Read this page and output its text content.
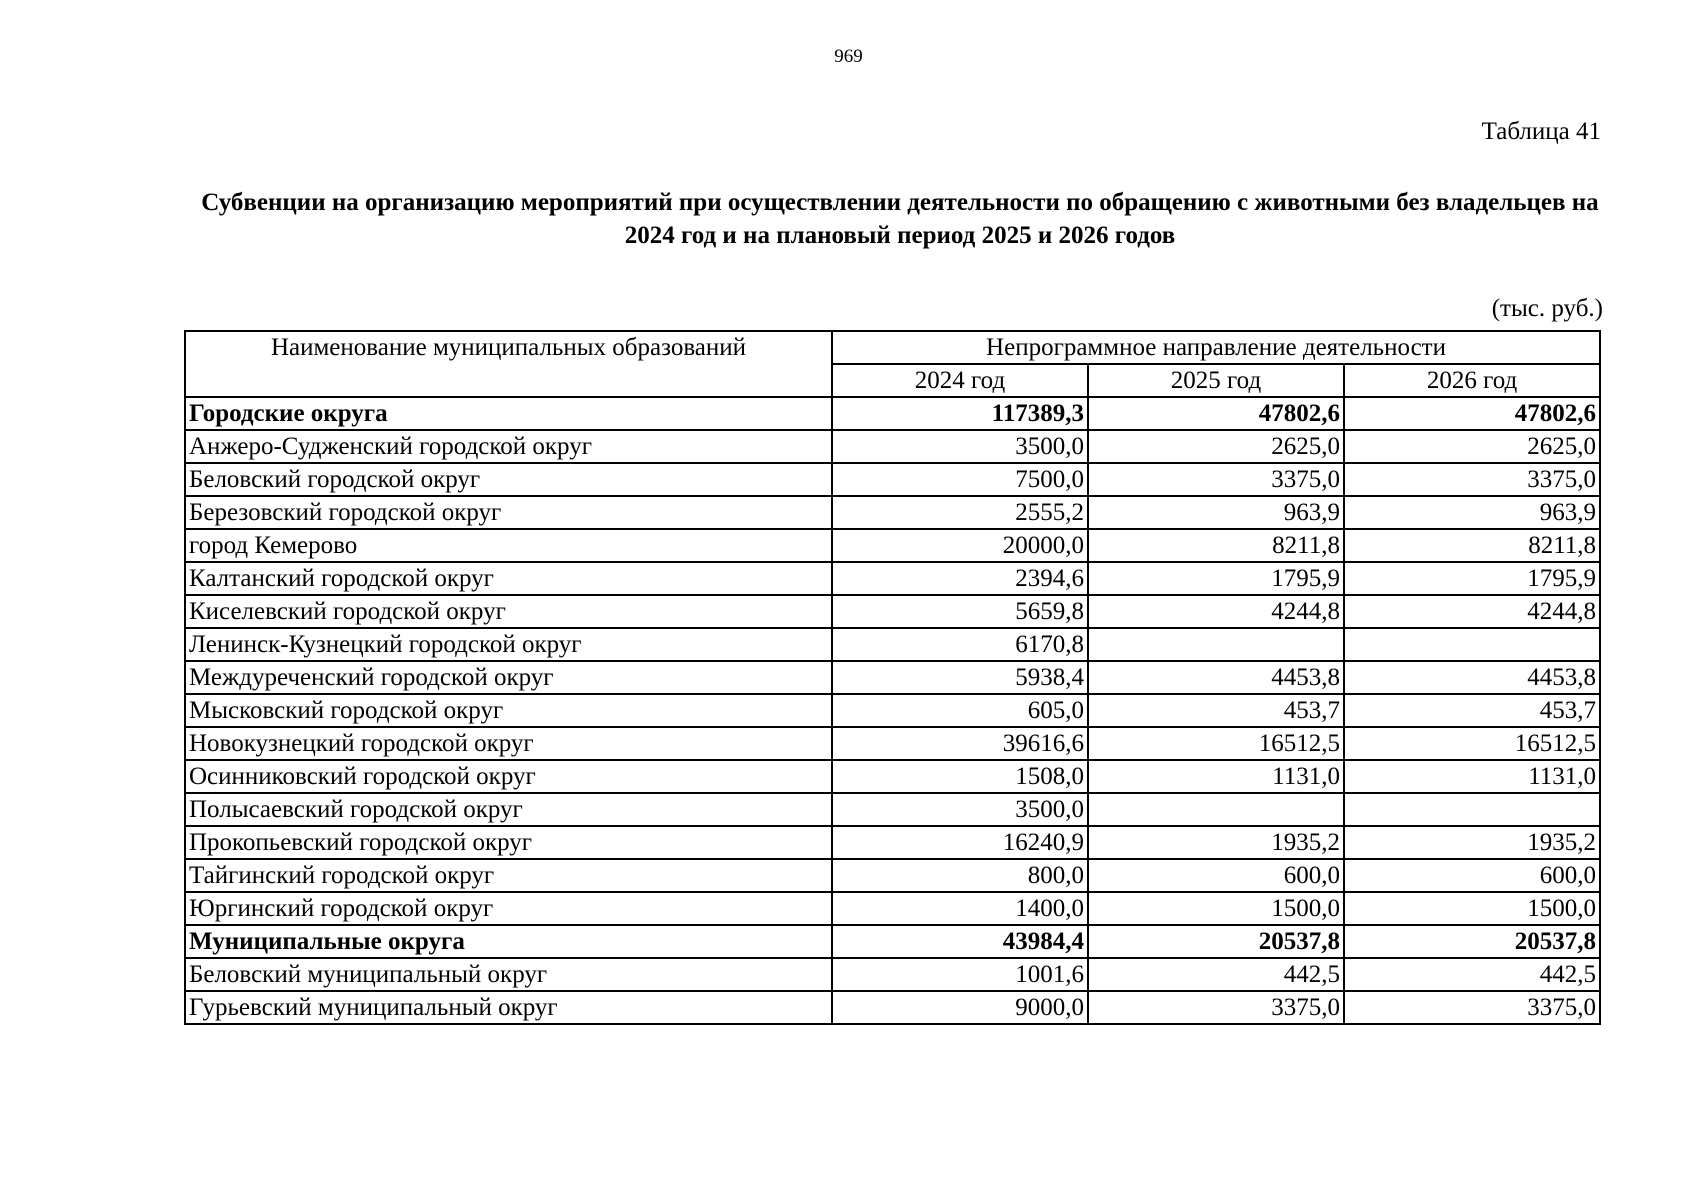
969
Таблица 41
Субвенции на организацию мероприятий при осуществлении деятельности по обращению с животными без владельцев на 2024 год и на плановый период 2025 и 2026 годов
(тыс. руб.)
Наименование муниципальных образований	Непрограммное направление деятельности		
	2024 год	2025 год	2026 год
Городские округа	117389,3	47802,6	47802,6
Анжеро-Судженский городской округ	3500,0	2625,0	2625,0
Беловский городской округ	7500,0	3375,0	3375,0
Березовский городской округ	2555,2	963,9	963,9
город Кемерово	20000,0	8211,8	8211,8
Калтанский городской округ	2394,6	1795,9	1795,9
Киселевский городской округ	5659,8	4244,8	4244,8
Ленинск-Кузнецкий городской округ	6170,8		
Междуреченский городской округ	5938,4	4453,8	4453,8
Мысковский городской округ	605,0	453,7	453,7
Новокузнецкий городской округ	39616,6	16512,5	16512,5
Осинниковский городской округ	1508,0	1131,0	1131,0
Полысаевский городской округ	3500,0		
Прокопьевский городской округ	16240,9	1935,2	1935,2
Тайгинский городской округ	800,0	600,0	600,0
Юргинский городской округ	1400,0	1500,0	1500,0
Муниципальные округа	43984,4	20537,8	20537,8
Беловский муниципальный округ	1001,6	442,5	442,5
Гурьевский муниципальный округ	9000,0	3375,0	3375,0
